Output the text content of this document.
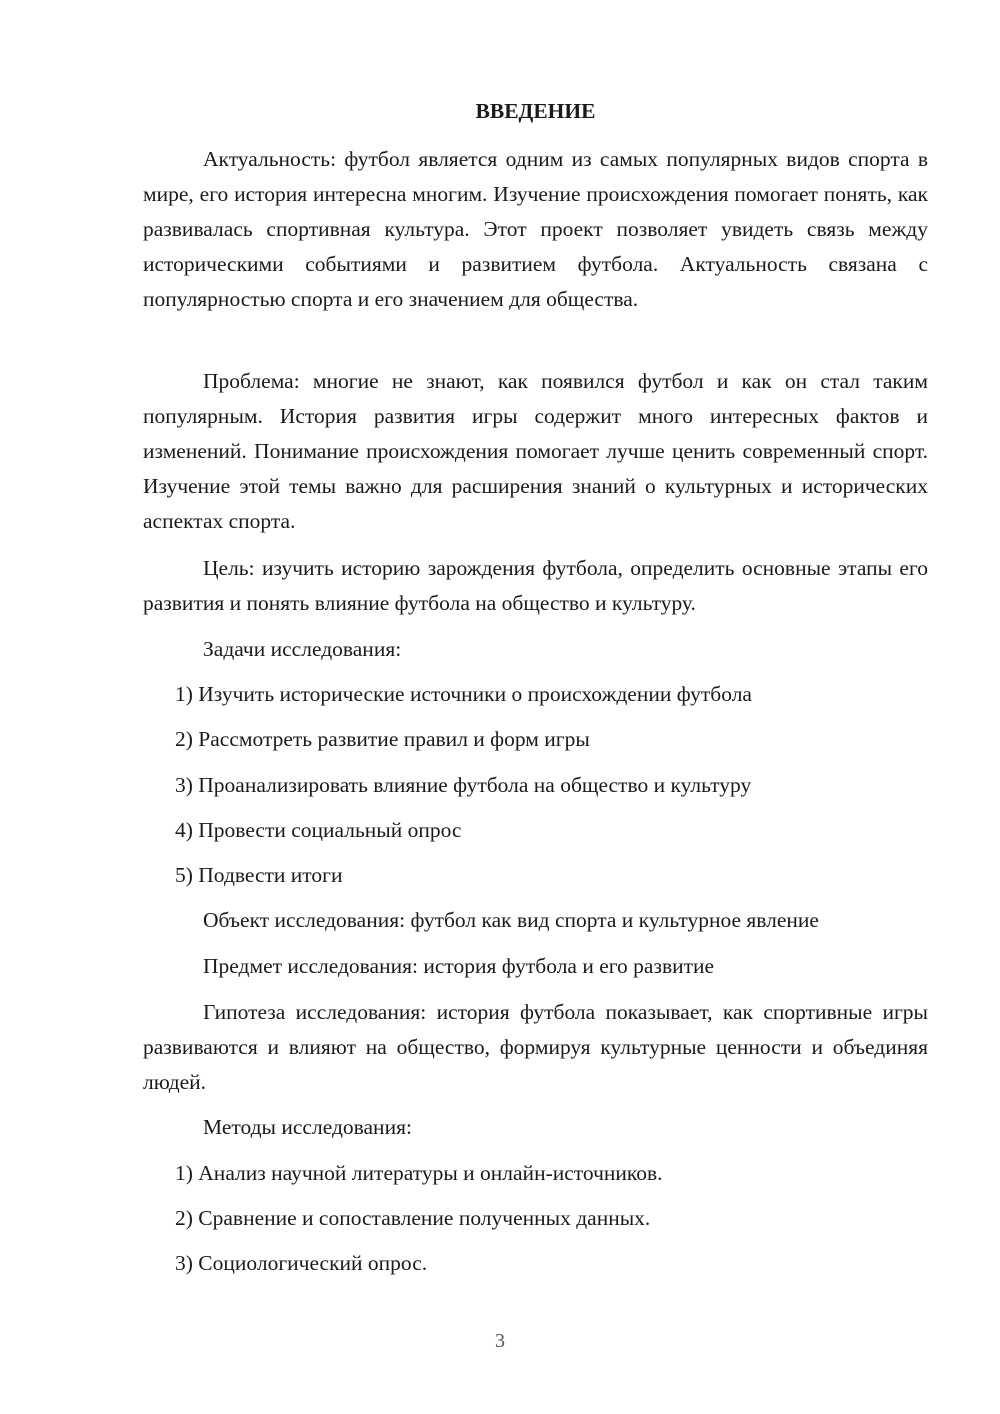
ВВЕДЕНИЕ

Актуальность: футбол является одним из самых популярных видов спорта в мире, его история интересна многим. Изучение происхождения помогает понять, как развивалась спортивная культура. Этот проект позволяет увидеть связь между историческими событиями и развитием футбола. Актуальность связана с популярностью спорта и его значением для общества.

Проблема: многие не знают, как появился футбол и как он стал таким популярным. История развития игры содержит много интересных фактов и изменений. Понимание происхождения помогает лучше ценить современный спорт. Изучение этой темы важно для расширения знаний о культурных и исторических аспектах спорта.

Цель: изучить историю зарождения футбола, определить основные этапы его развития и понять влияние футбола на общество и культуру.

Задачи исследования:

1) Изучить исторические источники о происхождении футбола

2) Рассмотреть развитие правил и форм игры

3) Проанализировать влияние футбола на общество и культуру

4) Провести социальный опрос

5) Подвести итоги

Объект исследования: футбол как вид спорта и культурное явление

Предмет исследования: история футбола и его развитие

Гипотеза исследования: история футбола показывает, как спортивные игры развиваются и влияют на общество, формируя культурные ценности и объединяя людей.

Методы исследования:

1) Анализ научной литературы и онлайн-источников.

2) Сравнение и сопоставление полученных данных.

3) Социологический опрос.

3
